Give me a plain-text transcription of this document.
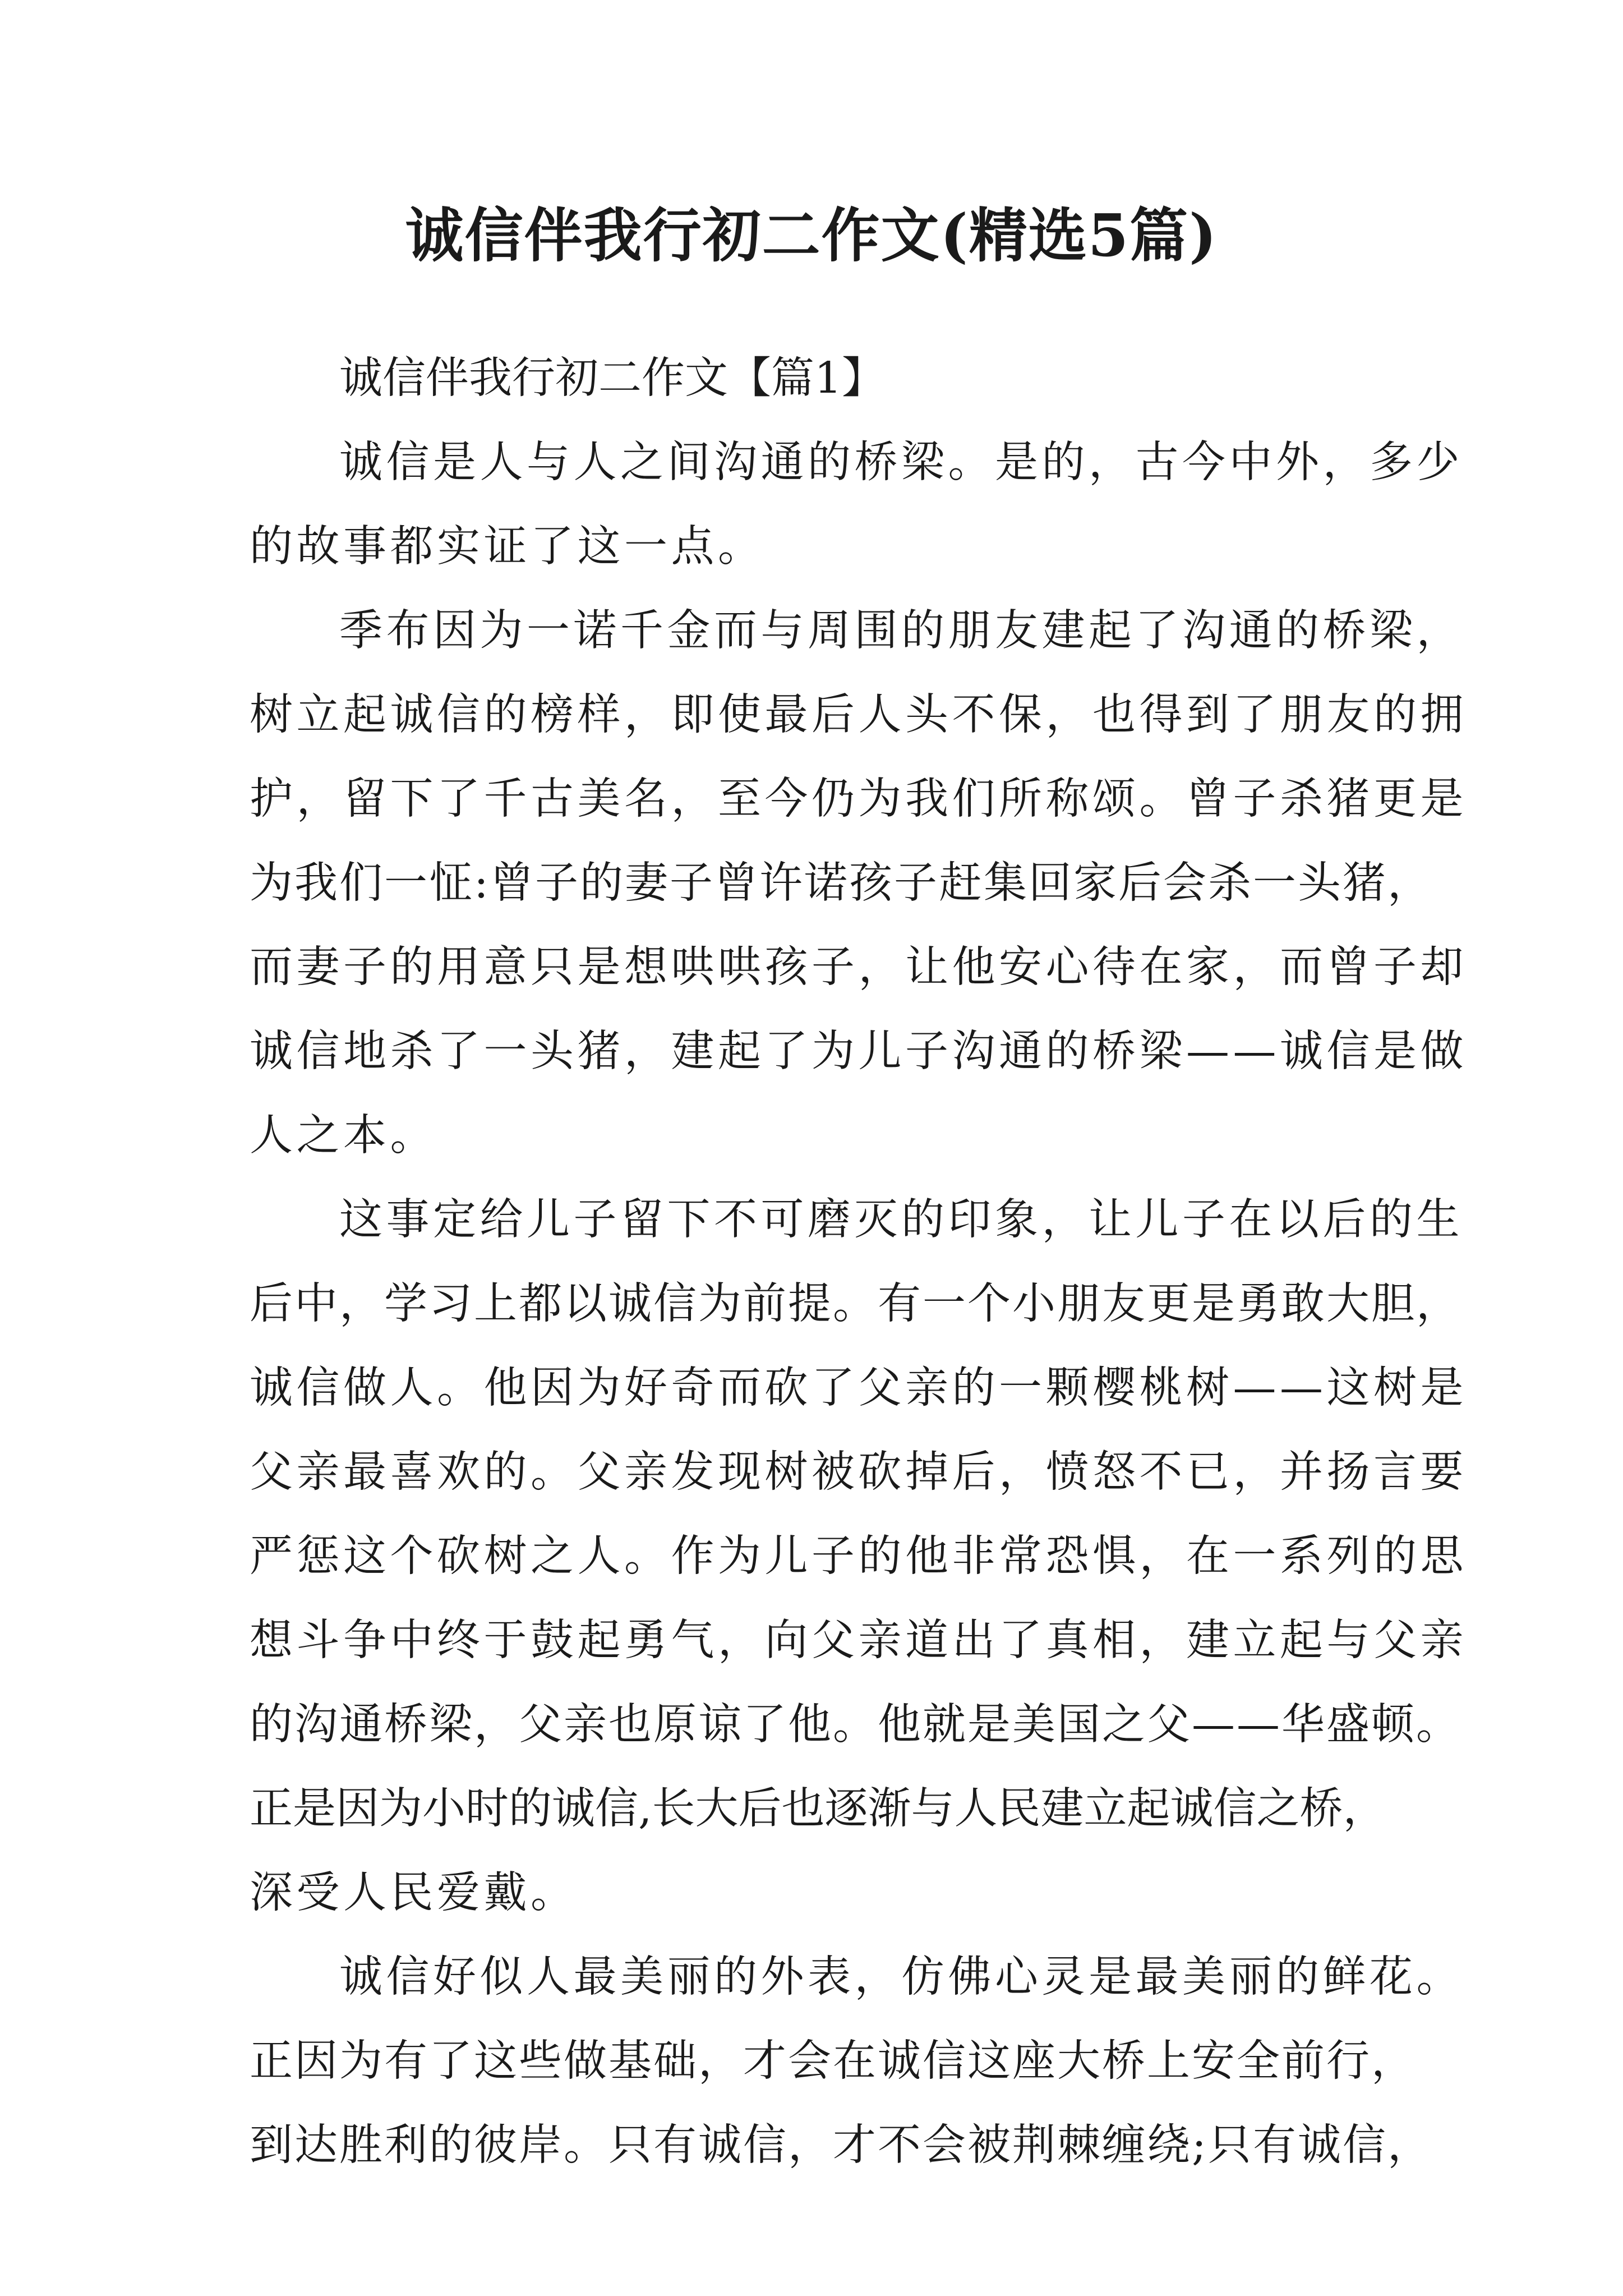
诚信伴我行初二作文(精选5篇)
诚信伴我行初二作文【篇1】
诚信是人与人之间沟通的桥梁。是的，古今中外，多少
的故事都实证了这一点。
季布因为一诺千金而与周围的朋友建起了沟通的桥梁，
树立起诚信的榜样，即使最后人头不保，也得到了朋友的拥
护，留下了千古美名，至今仍为我们所称颂。曾子杀猪更是
为我们一怔:曾子的妻子曾许诺孩子赶集回家后会杀一头猪，
而妻子的用意只是想哄哄孩子，让他安心待在家，而曾子却
诚信地杀了一头猪，建起了为儿子沟通的桥梁——诚信是做
人之本。
这事定给儿子留下不可磨灭的印象，让儿子在以后的生
后中，学习上都以诚信为前提。有一个小朋友更是勇敢大胆，
诚信做人。他因为好奇而砍了父亲的一颗樱桃树——这树是
父亲最喜欢的。父亲发现树被砍掉后，愤怒不已，并扬言要
严惩这个砍树之人。作为儿子的他非常恐惧，在一系列的思
想斗争中终于鼓起勇气，向父亲道出了真相，建立起与父亲
的沟通桥梁，父亲也原谅了他。他就是美国之父——华盛顿。
正是因为小时的诚信,长大后也逐渐与人民建立起诚信之桥，
深受人民爱戴。
诚信好似人最美丽的外表，仿佛心灵是最美丽的鲜花。
正因为有了这些做基础，才会在诚信这座大桥上安全前行，
到达胜利的彼岸。只有诚信，才不会被荆棘缠绕;只有诚信，
